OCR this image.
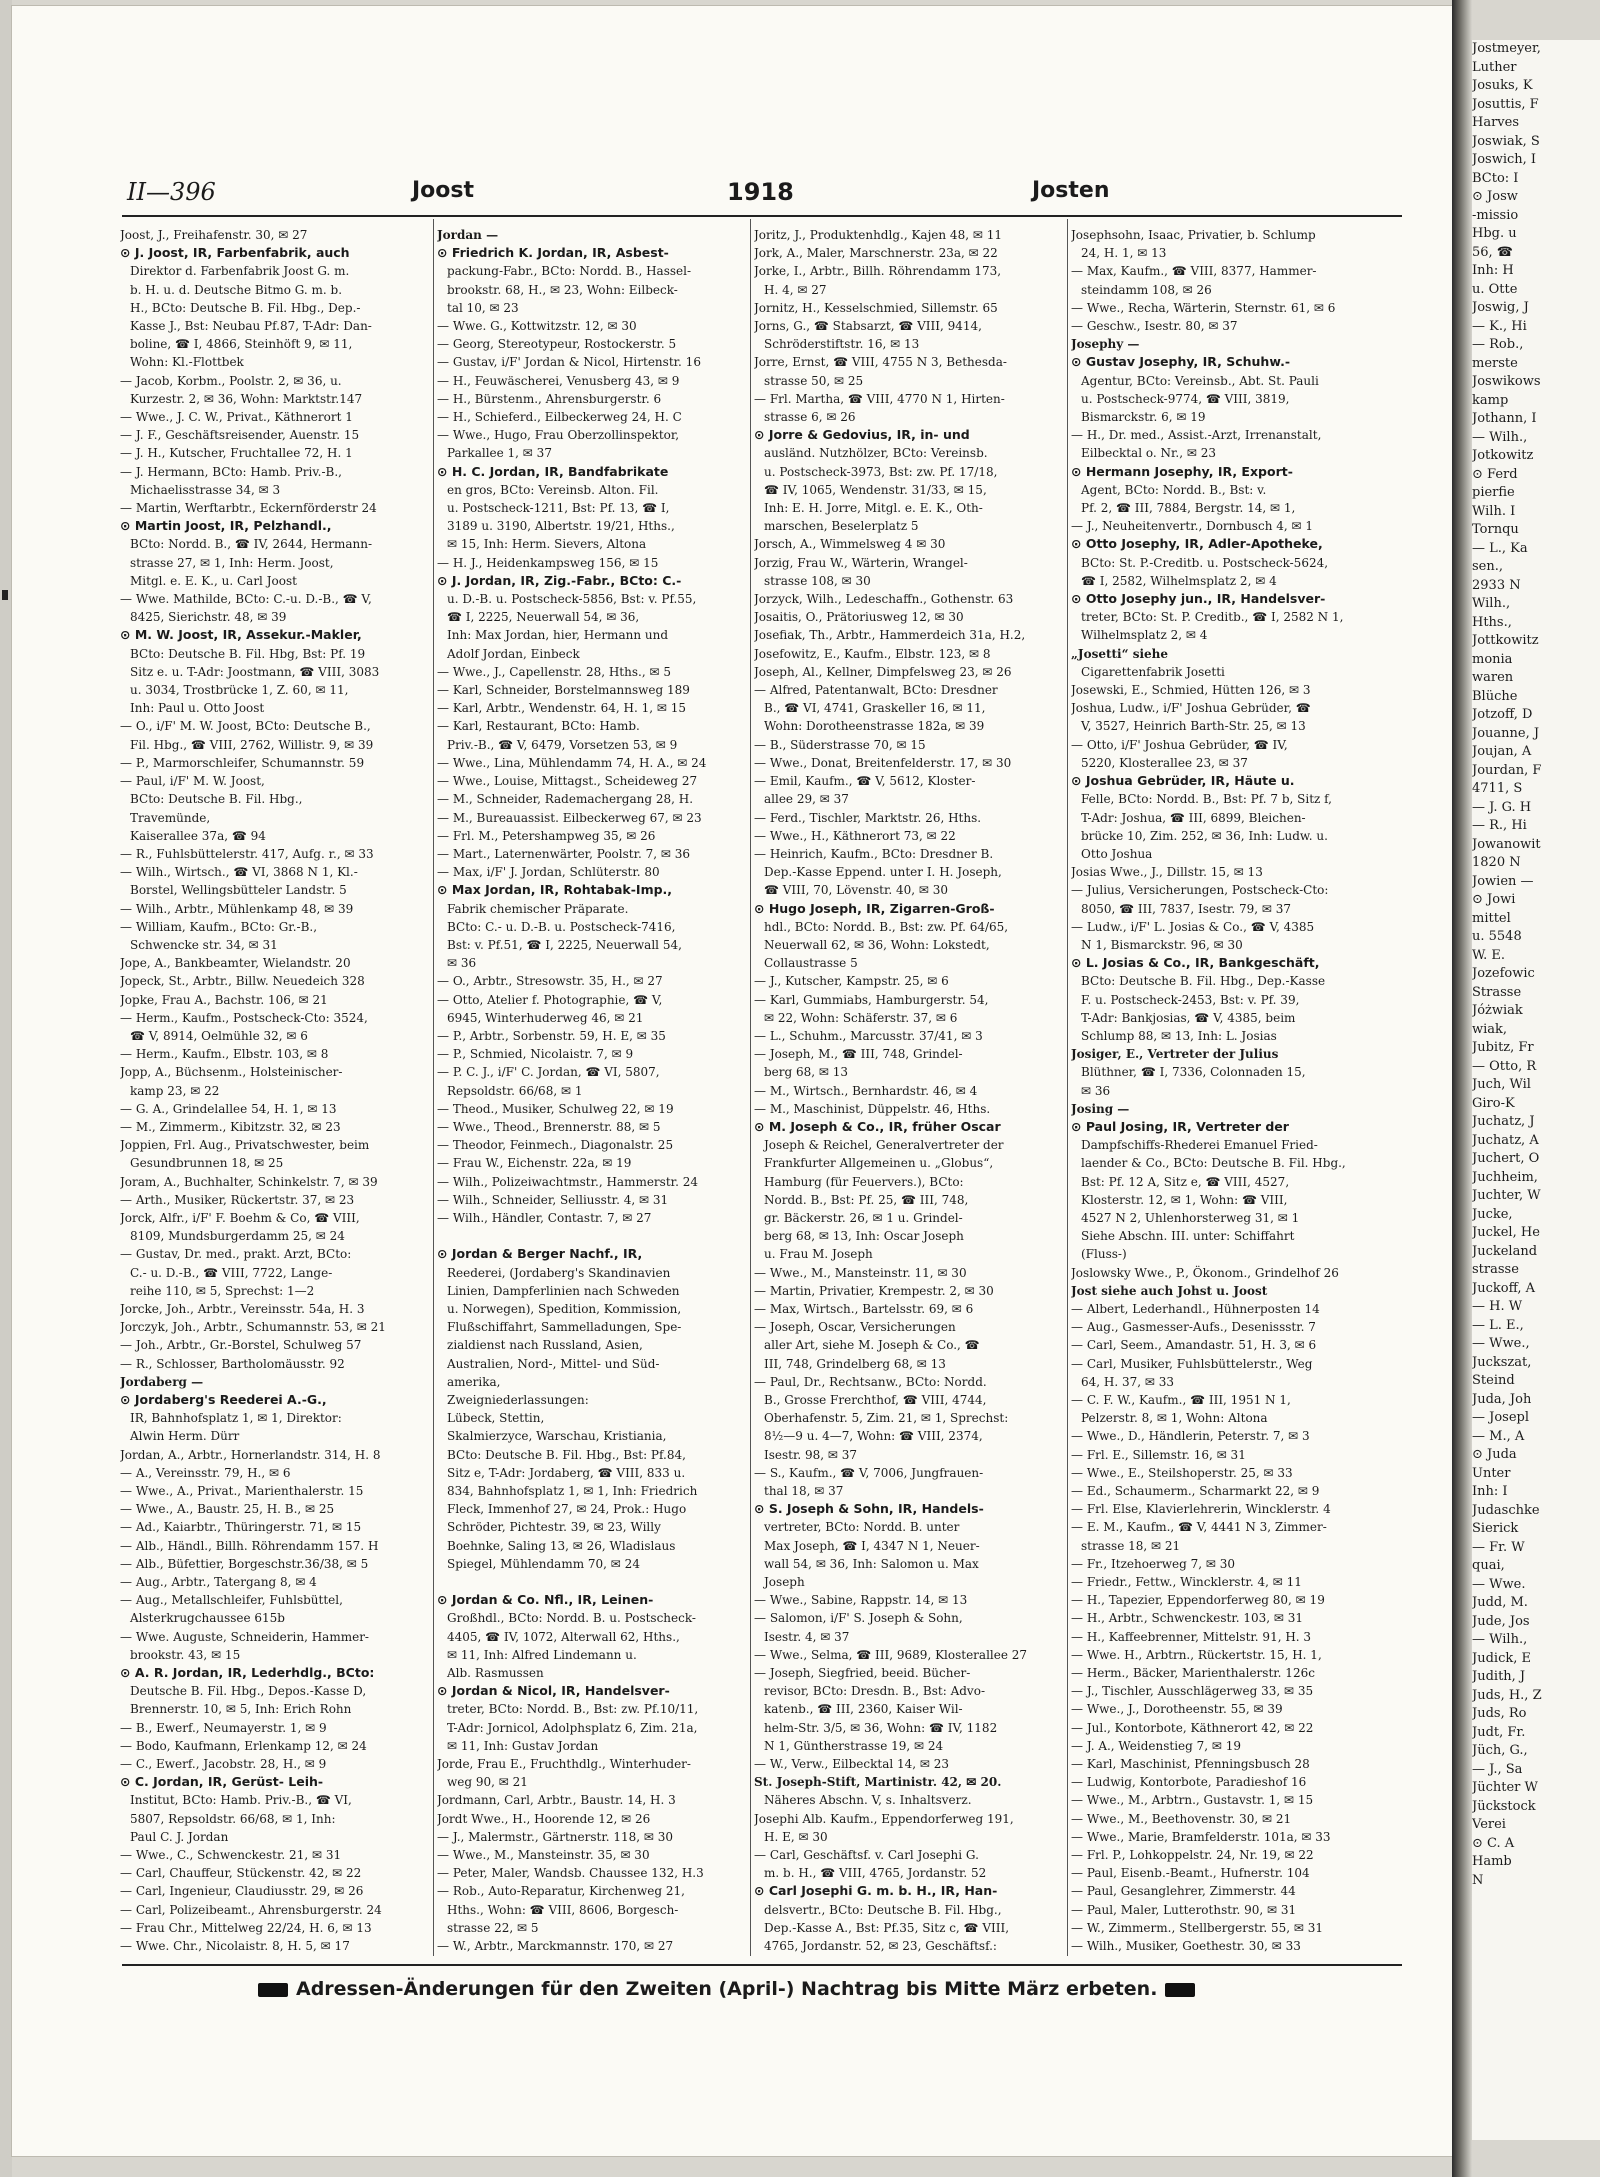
II—396	Joost	1918	Josten
Joost, J., Freihafenstr. 30, ✉ 27
⊙ J. Joost, IR, Farbenfabrik, auch
Direktor d. Farbenfabrik Joost G. m.
b. H. u. d. Deutsche Bitmo G. m. b.
H., BCto: Deutsche B. Fil. Hbg., Dep.-
Kasse J., Bst: Neubau Pf.87, T-Adr: Dan-
boline, ☎ I, 4866, Steinhöft 9, ✉ 11,
Wohn: Kl.-Flottbek
— Jacob, Korbm., Poolstr. 2, ✉ 36, u.
Kurzestr. 2, ✉ 36, Wohn: Marktstr.147
— Wwe., J. C. W., Privat., Käthnerort 1
— J. F., Geschäftsreisender, Auenstr. 15
— J. H., Kutscher, Fruchtallee 72, H. 1
— J. Hermann, BCto: Hamb. Priv.-B.,
Michaelisstrasse 34, ✉ 3
— Martin, Werftarbtr., Eckernförderstr 24
⊙ Martin Joost, IR, Pelzhandl.,
BCto: Nordd. B., ☎ IV, 2644, Hermann-
strasse 27, ✉ 1, Inh: Herm. Joost,
Mitgl. e. E. K., u. Carl Joost
— Wwe. Mathilde, BCto: C.-u. D.-B., ☎ V,
8425, Sierichstr. 48, ✉ 39
⊙ M. W. Joost, IR, Assekur.-Makler,
BCto: Deutsche B. Fil. Hbg, Bst: Pf. 19
Sitz e. u. T-Adr: Joostmann, ☎ VIII, 3083
u. 3034, Trostbrücke 1, Z. 60, ✉ 11,
Inh: Paul u. Otto Joost
— O., i/F' M. W. Joost, BCto: Deutsche B.,
Fil. Hbg., ☎ VIII, 2762, Willistr. 9, ✉ 39
— P., Marmorschleifer, Schumannstr. 59
— Paul, i/F' M. W. Joost,
BCto: Deutsche B. Fil. Hbg.,
Travemünde,
Kaiserallee 37a, ☎ 94
— R., Fuhlsbüttelerstr. 417, Aufg. r., ✉ 33
— Wilh., Wirtsch., ☎ VI, 3868 N 1, Kl.-
Borstel, Wellingsbütteler Landstr. 5
— Wilh., Arbtr., Mühlenkamp 48, ✉ 39
— William, Kaufm., BCto: Gr.-B.,
Schwencke str. 34, ✉ 31
Jope, A., Bankbeamter, Wielandstr. 20
Jopeck, St., Arbtr., Billw. Neuedeich 328
Jopke, Frau A., Bachstr. 106, ✉ 21
— Herm., Kaufm., Postscheck-Cto: 3524,
☎ V, 8914, Oelmühle 32, ✉ 6
— Herm., Kaufm., Elbstr. 103, ✉ 8
Jopp, A., Büchsenm., Holsteinischer-
kamp 23, ✉ 22
— G. A., Grindelallee 54, H. 1, ✉ 13
— M., Zimmerm., Kibitzstr. 32, ✉ 23
Joppien, Frl. Aug., Privatschwester, beim
Gesundbrunnen 18, ✉ 25
Joram, A., Buchhalter, Schinkelstr. 7, ✉ 39
— Arth., Musiker, Rückertstr. 37, ✉ 23
Jorck, Alfr., i/F' F. Boehm & Co, ☎ VIII,
8109, Mundsburgerdamm 25, ✉ 24
— Gustav, Dr. med., prakt. Arzt, BCto:
C.- u. D.-B., ☎ VIII, 7722, Lange-
reihe 110, ✉ 5, Sprechst: 1—2
Jorcke, Joh., Arbtr., Vereinsstr. 54a, H. 3
Jorczyk, Joh., Arbtr., Schumannstr. 53, ✉ 21
— Joh., Arbtr., Gr.-Borstel, Schulweg 57
— R., Schlosser, Bartholomäusstr. 92
Jordaberg —
⊙ Jordaberg's Reederei A.-G.,
IR, Bahnhofsplatz 1, ✉ 1, Direktor:
Alwin Herm. Dürr
Jordan, A., Arbtr., Hornerlandstr. 314, H. 8
— A., Vereinsstr. 79, H., ✉ 6
— Wwe., A., Privat., Marienthalerstr. 15
— Wwe., A., Baustr. 25, H. B., ✉ 25
— Ad., Kaiarbtr., Thüringerstr. 71, ✉ 15
— Alb., Händl., Billh. Röhrendamm 157. H
— Alb., Büfettier, Borgeschstr.36/38, ✉ 5
— Aug., Arbtr., Tatergang 8, ✉ 4
— Aug., Metallschleifer, Fuhlsbüttel,
Alsterkrugchaussee 615b
— Wwe. Auguste, Schneiderin, Hammer-
brookstr. 43, ✉ 15
⊙ A. R. Jordan, IR, Lederhdlg., BCto:
Deutsche B. Fil. Hbg., Depos.-Kasse D,
Brennerstr. 10, ✉ 5, Inh: Erich Rohn
— B., Ewerf., Neumayerstr. 1, ✉ 9
— Bodo, Kaufmann, Erlenkamp 12, ✉ 24
— C., Ewerf., Jacobstr. 28, H., ✉ 9
⊙ C. Jordan, IR, Gerüst- Leih-
Institut, BCto: Hamb. Priv.-B., ☎ VI,
5807, Repsoldstr. 66/68, ✉ 1, Inh:
Paul C. J. Jordan
— Wwe., C., Schwenckestr. 21, ✉ 31
— Carl, Chauffeur, Stückenstr. 42, ✉ 22
— Carl, Ingenieur, Claudiusstr. 29, ✉ 26
— Carl, Polizeibeamt., Ahrensburgerstr. 24
— Frau Chr., Mittelweg 22/24, H. 6, ✉ 13
— Wwe. Chr., Nicolaistr. 8, H. 5, ✉ 17
Jordan —
⊙ Friedrich K. Jordan, IR, Asbest-
packung-Fabr., BCto: Nordd. B., Hassel-
brookstr. 68, H., ✉ 23, Wohn: Eilbeck-
tal 10, ✉ 23
— Wwe. G., Kottwitzstr. 12, ✉ 30
— Georg, Stereotypeur, Rostockerstr. 5
— Gustav, i/F' Jordan & Nicol, Hirtenstr. 16
— H., Feuwäscherei, Venusberg 43, ✉ 9
— H., Bürstenm., Ahrensburgerstr. 6
— H., Schieferd., Eilbeckerweg 24, H. C
— Wwe., Hugo, Frau Oberzollinspektor,
Parkallee 1, ✉ 37
⊙ H. C. Jordan, IR, Bandfabrikate
en gros, BCto: Vereinsb. Alton. Fil.
u. Postscheck-1211, Bst: Pf. 13, ☎ I,
3189 u. 3190, Albertstr. 19/21, Hths.,
✉ 15, Inh: Herm. Sievers, Altona
— H. J., Heidenkampsweg 156, ✉ 15
⊙ J. Jordan, IR, Zig.-Fabr., BCto: C.-
u. D.-B. u. Postscheck-5856, Bst: v. Pf.55,
☎ I, 2225, Neuerwall 54, ✉ 36,
Inh: Max Jordan, hier, Hermann und
Adolf Jordan, Einbeck
— Wwe., J., Capellenstr. 28, Hths., ✉ 5
— Karl, Schneider, Borstelmannsweg 189
— Karl, Arbtr., Wendenstr. 64, H. 1, ✉ 15
— Karl, Restaurant, BCto: Hamb.
Priv.-B., ☎ V, 6479, Vorsetzen 53, ✉ 9
— Wwe., Lina, Mühlendamm 74, H. A., ✉ 24
— Wwe., Louise, Mittagst., Scheideweg 27
— M., Schneider, Rademachergang 28, H.
— M., Bureauassist. Eilbeckerweg 67, ✉ 23
— Frl. M., Petershampweg 35, ✉ 26
— Mart., Laternenwärter, Poolstr. 7, ✉ 36
— Max, i/F' J. Jordan, Schlüterstr. 80
⊙ Max Jordan, IR, Rohtabak-Imp.,
Fabrik chemischer Präparate.
BCto: C.- u. D.-B. u. Postscheck-7416,
Bst: v. Pf.51, ☎ I, 2225, Neuerwall 54,
✉ 36
— O., Arbtr., Stresowstr. 35, H., ✉ 27
— Otto, Atelier f. Photographie, ☎ V,
6945, Winterhuderweg 46, ✉ 21
— P., Arbtr., Sorbenstr. 59, H. E, ✉ 35
— P., Schmied, Nicolaistr. 7, ✉ 9
— P. C. J., i/F' C. Jordan, ☎ VI, 5807,
Repsoldstr. 66/68, ✉ 1
— Theod., Musiker, Schulweg 22, ✉ 19
— Wwe., Theod., Brennerstr. 88, ✉ 5
— Theodor, Feinmech., Diagonalstr. 25
— Frau W., Eichenstr. 22a, ✉ 19
— Wilh., Polizeiwachtmstr., Hammerstr. 24
— Wilh., Schneider, Selliusstr. 4, ✉ 31
— Wilh., Händler, Contastr. 7, ✉ 27

⊙ Jordan & Berger Nachf., IR,
Reederei, (Jordaberg's Skandinavien
Linien, Dampferlinien nach Schweden
u. Norwegen), Spedition, Kommission,
Flußschiffahrt, Sammelladungen, Spe-
zialdienst nach Russland, Asien,
Australien, Nord-, Mittel- und Süd-
amerika,
Zweigniederlassungen:
Lübeck, Stettin,
Skalmierzyce, Warschau, Kristiania,
BCto: Deutsche B. Fil. Hbg., Bst: Pf.84,
Sitz e, T-Adr: Jordaberg, ☎ VIII, 833 u.
834, Bahnhofsplatz 1, ✉ 1, Inh: Friedrich
Fleck, Immenhof 27, ✉ 24, Prok.: Hugo
Schröder, Pichtestr. 39, ✉ 23, Willy
Boehnke, Saling 13, ✉ 26, Wladislaus
Spiegel, Mühlendamm 70, ✉ 24

⊙ Jordan & Co. Nfl., IR, Leinen-
Großhdl., BCto: Nordd. B. u. Postscheck-
4405, ☎ IV, 1072, Alterwall 62, Hths.,
✉ 11, Inh: Alfred Lindemann u.
Alb. Rasmussen
⊙ Jordan & Nicol, IR, Handelsver-
treter, BCto: Nordd. B., Bst: zw. Pf.10/11,
T-Adr: Jornicol, Adolphsplatz 6, Zim. 21a,
✉ 11, Inh: Gustav Jordan
Jorde, Frau E., Fruchthdlg., Winterhuder-
weg 90, ✉ 21
Jordmann, Carl, Arbtr., Baustr. 14, H. 3
Jordt Wwe., H., Hoorende 12, ✉ 26
— J., Malermstr., Gärtnerstr. 118, ✉ 30
— Wwe., M., Mansteinstr. 35, ✉ 30
— Peter, Maler, Wandsb. Chaussee 132, H.3
— Rob., Auto-Reparatur, Kirchenweg 21,
Hths., Wohn: ☎ VIII, 8606, Borgesch-
strasse 22, ✉ 5
— W., Arbtr., Marckmannstr. 170, ✉ 27
Joritz, J., Produktenhdlg., Kajen 48, ✉ 11
Jork, A., Maler, Marschnerstr. 23a, ✉ 22
Jorke, I., Arbtr., Billh. Röhrendamm 173,
H. 4, ✉ 27
Jornitz, H., Kesselschmied, Sillemstr. 65
Jorns, G., ☎ Stabsarzt, ☎ VIII, 9414,
Schröderstiftstr. 16, ✉ 13
Jorre, Ernst, ☎ VIII, 4755 N 3, Bethesda-
strasse 50, ✉ 25
— Frl. Martha, ☎ VIII, 4770 N 1, Hirten-
strasse 6, ✉ 26
⊙ Jorre & Gedovius, IR, in- und
ausländ. Nutzhölzer, BCto: Vereinsb.
u. Postscheck-3973, Bst: zw. Pf. 17/18,
☎ IV, 1065, Wendenstr. 31/33, ✉ 15,
Inh: E. H. Jorre, Mitgl. e. E. K., Oth-
marschen, Beselerplatz 5
Jorsch, A., Wimmelsweg 4 ✉ 30
Jorzig, Frau W., Wärterin, Wrangel-
strasse 108, ✉ 30
Jorzyck, Wilh., Ledeschaffn., Gothenstr. 63
Josaitis, O., Prätoriusweg 12, ✉ 30
Josefiak, Th., Arbtr., Hammerdeich 31a, H.2,
Josefowitz, E., Kaufm., Elbstr. 123, ✉ 8
Joseph, Al., Kellner, Dimpfelsweg 23, ✉ 26
— Alfred, Patentanwalt, BCto: Dresdner
B., ☎ VI, 4741, Graskeller 16, ✉ 11,
Wohn: Dorotheenstrasse 182a, ✉ 39
— B., Süderstrasse 70, ✉ 15
— Wwe., Donat, Breitenfelderstr. 17, ✉ 30
— Emil, Kaufm., ☎ V, 5612, Kloster-
allee 29, ✉ 37
— Ferd., Tischler, Marktstr. 26, Hths.
— Wwe., H., Käthnerort 73, ✉ 22
— Heinrich, Kaufm., BCto: Dresdner B.
Dep.-Kasse Eppend. unter I. H. Joseph,
☎ VIII, 70, Lövenstr. 40, ✉ 30
⊙ Hugo Joseph, IR, Zigarren-Groß-
hdl., BCto: Nordd. B., Bst: zw. Pf. 64/65,
Neuerwall 62, ✉ 36, Wohn: Lokstedt,
Collaustrasse 5
— J., Kutscher, Kampstr. 25, ✉ 6
— Karl, Gummiabs, Hamburgerstr. 54,
✉ 22, Wohn: Schäferstr. 37, ✉ 6
— L., Schuhm., Marcusstr. 37/41, ✉ 3
— Joseph, M., ☎ III, 748, Grindel-
berg 68, ✉ 13
— M., Wirtsch., Bernhardstr. 46, ✉ 4
— M., Maschinist, Düppelstr. 46, Hths.
⊙ M. Joseph & Co., IR, früher Oscar
Joseph & Reichel, Generalvertreter der
Frankfurter Allgemeinen u. „Globus“,
Hamburg (für Feuervers.), BCto:
Nordd. B., Bst: Pf. 25, ☎ III, 748,
gr. Bäckerstr. 26, ✉ 1 u. Grindel-
berg 68, ✉ 13, Inh: Oscar Joseph
u. Frau M. Joseph
— Wwe., M., Mansteinstr. 11, ✉ 30
— Martin, Privatier, Krempestr. 2, ✉ 30
— Max, Wirtsch., Bartelsstr. 69, ✉ 6
— Joseph, Oscar, Versicherungen
aller Art, siehe M. Joseph & Co., ☎
III, 748, Grindelberg 68, ✉ 13
— Paul, Dr., Rechtsanw., BCto: Nordd.
B., Grosse Frerchthof, ☎ VIII, 4744,
Oberhafenstr. 5, Zim. 21, ✉ 1, Sprechst:
8½—9 u. 4—7, Wohn: ☎ VIII, 2374,
Isestr. 98, ✉ 37
— S., Kaufm., ☎ V, 7006, Jungfrauen-
thal 18, ✉ 37
⊙ S. Joseph & Sohn, IR, Handels-
vertreter, BCto: Nordd. B. unter
Max Joseph, ☎ I, 4347 N 1, Neuer-
wall 54, ✉ 36, Inh: Salomon u. Max
Joseph
— Wwe., Sabine, Rappstr. 14, ✉ 13
— Salomon, i/F' S. Joseph & Sohn,
Isestr. 4, ✉ 37
— Wwe., Selma, ☎ III, 9689, Klosterallee 27
— Joseph, Siegfried, beeid. Bücher-
revisor, BCto: Dresdn. B., Bst: Advo-
katenb., ☎ III, 2360, Kaiser Wil-
helm-Str. 3/5, ✉ 36, Wohn: ☎ IV, 1182
N 1, Güntherstrasse 19, ✉ 24
— W., Verw., Eilbecktal 14, ✉ 23
St. Joseph-Stift, Martinistr. 42, ✉ 20.
Näheres Abschn. V, s. Inhaltsverz.
Josephi Alb. Kaufm., Eppendorferweg 191,
H. E, ✉ 30
— Carl, Geschäftsf. v. Carl Josephi G.
m. b. H., ☎ VIII, 4765, Jordanstr. 52
⊙ Carl Josephi G. m. b. H., IR, Han-
delsvertr., BCto: Deutsche B. Fil. Hbg.,
Dep.-Kasse A., Bst: Pf.35, Sitz c, ☎ VIII,
4765, Jordanstr. 52, ✉ 23, Geschäftsf.:
Josephsohn, Isaac, Privatier, b. Schlump
24, H. 1, ✉ 13
— Max, Kaufm., ☎ VIII, 8377, Hammer-
steindamm 108, ✉ 26
— Wwe., Recha, Wärterin, Sternstr. 61, ✉ 6
— Geschw., Isestr. 80, ✉ 37
Josephy —
⊙ Gustav Josephy, IR, Schuhw.-
Agentur, BCto: Vereinsb., Abt. St. Pauli
u. Postscheck-9774, ☎ VIII, 3819,
Bismarckstr. 6, ✉ 19
— H., Dr. med., Assist.-Arzt, Irrenanstalt,
Eilbecktal o. Nr., ✉ 23
⊙ Hermann Josephy, IR, Export-
Agent, BCto: Nordd. B., Bst: v.
Pf. 2, ☎ III, 7884, Bergstr. 14, ✉ 1,
— J., Neuheitenvertr., Dornbusch 4, ✉ 1
⊙ Otto Josephy, IR, Adler-Apotheke,
BCto: St. P.-Creditb. u. Postscheck-5624,
☎ I, 2582, Wilhelmsplatz 2, ✉ 4
⊙ Otto Josephy jun., IR, Handelsver-
treter, BCto: St. P. Creditb., ☎ I, 2582 N 1,
Wilhelmsplatz 2, ✉ 4
„Josetti“ siehe
Cigarettenfabrik Josetti
Josewski, E., Schmied, Hütten 126, ✉ 3
Joshua, Ludw., i/F' Joshua Gebrüder, ☎
V, 3527, Heinrich Barth-Str. 25, ✉ 13
— Otto, i/F' Joshua Gebrüder, ☎ IV,
5220, Klosterallee 23, ✉ 37
⊙ Joshua Gebrüder, IR, Häute u.
Felle, BCto: Nordd. B., Bst: Pf. 7 b, Sitz f,
T-Adr: Joshua, ☎ III, 6899, Bleichen-
brücke 10, Zim. 252, ✉ 36, Inh: Ludw. u.
Otto Joshua
Josias Wwe., J., Dillstr. 15, ✉ 13
— Julius, Versicherungen, Postscheck-Cto:
8050, ☎ III, 7837, Isestr. 79, ✉ 37
— Ludw., i/F' L. Josias & Co., ☎ V, 4385
N 1, Bismarckstr. 96, ✉ 30
⊙ L. Josias & Co., IR, Bankgeschäft,
BCto: Deutsche B. Fil. Hbg., Dep.-Kasse
F. u. Postscheck-2453, Bst: v. Pf. 39,
T-Adr: Bankjosias, ☎ V, 4385, beim
Schlump 88, ✉ 13, Inh: L. Josias
Josiger, E., Vertreter der Julius
Blüthner, ☎ I, 7336, Colonnaden 15,
✉ 36
Josing —
⊙ Paul Josing, IR, Vertreter der
Dampfschiffs-Rhederei Emanuel Fried-
laender & Co., BCto: Deutsche B. Fil. Hbg.,
Bst: Pf. 12 A, Sitz e, ☎ VIII, 4527,
Klosterstr. 12, ✉ 1, Wohn: ☎ VIII,
4527 N 2, Uhlenhorsterweg 31, ✉ 1
Siehe Abschn. III. unter: Schiffahrt
(Fluss-)
Joslowsky Wwe., P., Ökonom., Grindelhof 26
Jost siehe auch Johst u. Joost
— Albert, Lederhandl., Hühnerposten 14
— Aug., Gasmesser-Aufs., Desenissstr. 7
— Carl, Seem., Amandastr. 51, H. 3, ✉ 6
— Carl, Musiker, Fuhlsbüttelerstr., Weg
64, H. 37, ✉ 33
— C. F. W., Kaufm., ☎ III, 1951 N 1,
Pelzerstr. 8, ✉ 1, Wohn: Altona
— Wwe., D., Händlerin, Peterstr. 7, ✉ 3
— Frl. E., Sillemstr. 16, ✉ 31
— Wwe., E., Steilshoperstr. 25, ✉ 33
— Ed., Schaumerm., Scharmarkt 22, ✉ 9
— Frl. Else, Klavierlehrerin, Wincklerstr. 4
— E. M., Kaufm., ☎ V, 4441 N 3, Zimmer-
strasse 18, ✉ 21
— Fr., Itzehoerweg 7, ✉ 30
— Friedr., Fettw., Wincklerstr. 4, ✉ 11
— H., Tapezier, Eppendorferweg 80, ✉ 19
— H., Arbtr., Schwenckestr. 103, ✉ 31
— H., Kaffeebrenner, Mittelstr. 91, H. 3
— Wwe. H., Arbtrn., Rückertstr. 15, H. 1,
— Herm., Bäcker, Marienthalerstr. 126c
— J., Tischler, Ausschlägerweg 33, ✉ 35
— Wwe., J., Dorotheenstr. 55, ✉ 39
— Jul., Kontorbote, Käthnerort 42, ✉ 22
— J. A., Weidenstieg 7, ✉ 19
— Karl, Maschinist, Pfenningsbusch 28
— Ludwig, Kontorbote, Paradieshof 16
— Wwe., M., Arbtrn., Gustavstr. 1, ✉ 15
— Wwe., M., Beethovenstr. 30, ✉ 21
— Wwe., Marie, Bramfelderstr. 101a, ✉ 33
— Frl. P., Lohkoppelstr. 24, Nr. 19, ✉ 22
— Paul, Eisenb.-Beamt., Hufnerstr. 104
— Paul, Gesanglehrer, Zimmerstr. 44
— Paul, Maler, Lutterothstr. 90, ✉ 31
— W., Zimmerm., Stellbergerstr. 55, ✉ 31
— Wilh., Musiker, Goethestr. 30, ✉ 33
Adressen-Änderungen für den Zweiten (April-) Nachtrag bis Mitte März erbeten.
Jostmeyer,
Luther
Josuks, K
Josuttis, F
Harves
Joswiak, S
Joswich, I
BCto: I
⊙ Josw
-missio
Hbg. u
56, ☎
Inh: H
u. Otte
Joswig, J
— K., Hi
— Rob.,
merste
Joswikows
kamp
Jothann, I
— Wilh.,
Jotkowitz
⊙ Ferd
pierfie
Wilh. I
Tornqu
— L., Ka
sen.,
2933 N
Wilh.,
Hths.,
Jottkowitz
monia
waren
Blüche
Jotzoff, D
Jouanne, J
Joujan, A
Jourdan, F
4711, S
— J. G. H
— R., Hi
Jowanowit
1820 N
Jowien —
⊙ Jowi
mittel
u. 5548
W. E.
Jozefowic
Strasse
Jóżwiak
wiak,
Jubitz, Fr
— Otto, R
Juch, Wil
Giro-K
Juchatz, J
Juchatz, A
Juchert, O
Juchheim,
Juchter, W
Jucke,
Juckel, He
Juckeland
strasse
Juckoff, A
— H. W
— L. E.,
— Wwe.,
Juckszat,
Steind
Juda, Joh
— Josepl
— M., A
⊙ Juda
Unter
Inh: I
Judaschke
Sierick
— Fr. W
quai,
— Wwe.
Judd, M.
Jude, Jos
— Wilh.,
Judick, E
Judith, J
Juds, H., Z
Juds, Ro
Judt, Fr.
Jüch, G.,
— J., Sa
Jüchter W
Jückstock
Verei
⊙ C. A
Hamb
N
